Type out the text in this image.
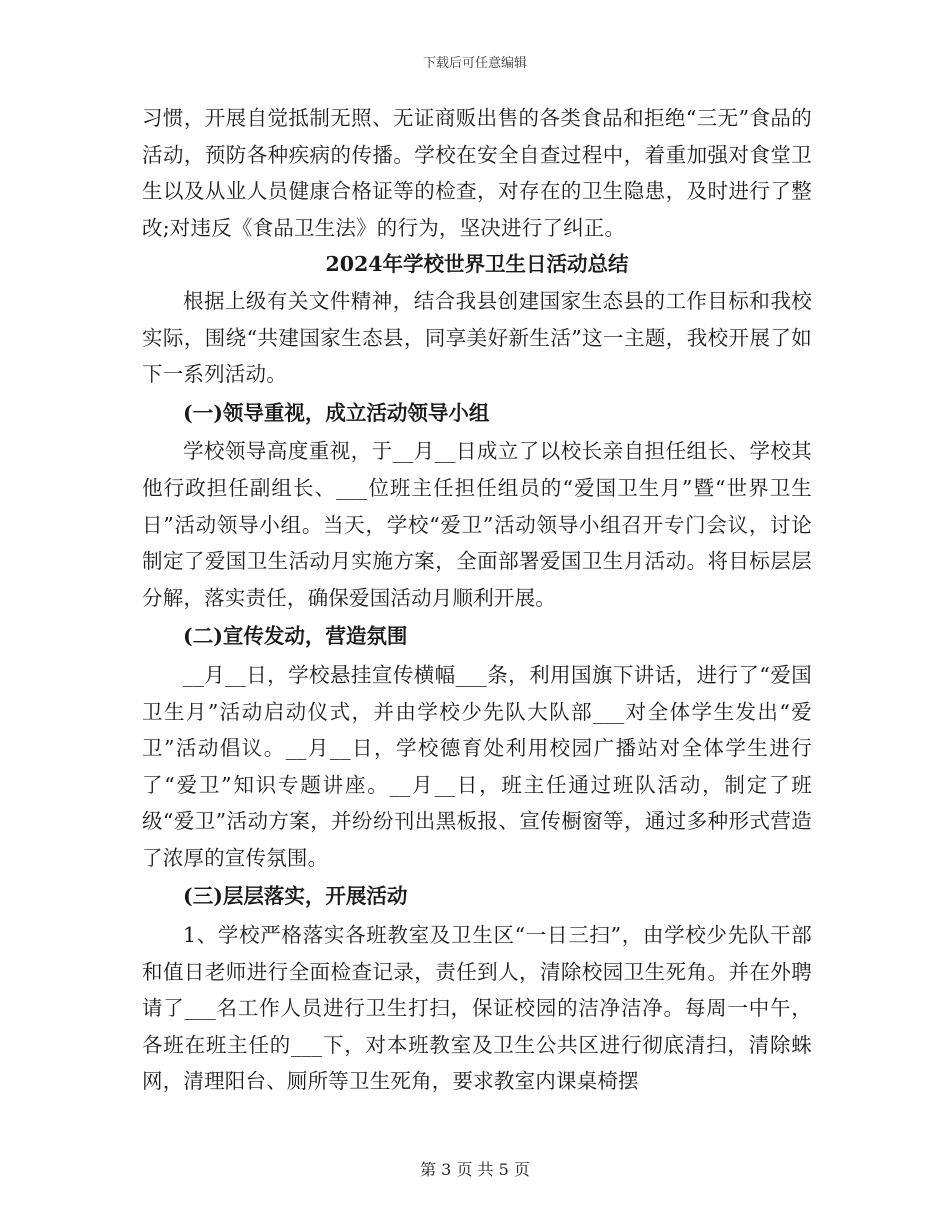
下载后可任意编辑

习惯，开展自觉抵制无照、无证商贩出售的各类食品和拒绝“三无”食品的活动，预防各种疾病的传播。学校在安全自查过程中，着重加强对食堂卫生以及从业人员健康合格证等的检查，对存在的卫生隐患，及时进行了整改;对违反《食品卫生法》的行为，坚决进行了纠正。

2024年学校世界卫生日活动总结

根据上级有关文件精神，结合我县创建国家生态县的工作目标和我校实际，围绕“共建国家生态县，同享美好新生活”这一主题，我校开展了如下一系列活动。

(一)领导重视，成立活动领导小组

学校领导高度重视，于__月__日成立了以校长亲自担任组长、学校其他行政担任副组长、___位班主任担任组员的“爱国卫生月”暨“世界卫生日”活动领导小组。当天，学校“爱卫”活动领导小组召开专门会议，讨论制定了爱国卫生活动月实施方案，全面部署爱国卫生月活动。将目标层层分解，落实责任，确保爱国活动月顺利开展。

(二)宣传发动，营造氛围

__月__日，学校悬挂宣传横幅___条，利用国旗下讲话，进行了“爱国卫生月”活动启动仪式，并由学校少先队大队部___对全体学生发出“爱卫”活动倡议。__月__日，学校德育处利用校园广播站对全体学生进行了“爱卫”知识专题讲座。__月__日，班主任通过班队活动，制定了班级“爱卫”活动方案，并纷纷刊出黑板报、宣传橱窗等，通过多种形式营造了浓厚的宣传氛围。

(三)层层落实，开展活动

1、学校严格落实各班教室及卫生区“一日三扫”，由学校少先队干部和值日老师进行全面检查记录，责任到人，清除校园卫生死角。并在外聘请了___名工作人员进行卫生打扫，保证校园的洁净洁净。每周一中午，各班在班主任的___下，对本班教室及卫生公共区进行彻底清扫，清除蛛网，清理阳台、厕所等卫生死角，要求教室内课桌椅摆

第 3 页 共 5 页
